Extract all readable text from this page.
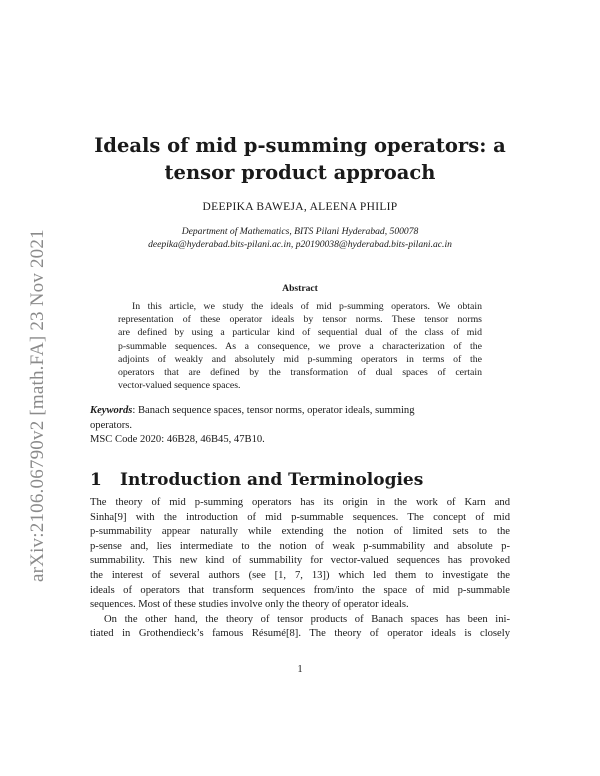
arXiv:2106.06790v2 [math.FA] 23 Nov 2021
Ideals of mid p-summing operators: a
tensor product approach
DEEPIKA BAWEJA, ALEENA PHILIP
Department of Mathematics, BITS Pilani Hyderabad, 500078
deepika@hyderabad.bits-pilani.ac.in, p20190038@hyderabad.bits-pilani.ac.in
Abstract
In this article, we study the ideals of mid p-summing operators. We obtain
representation of these operator ideals by tensor norms. These tensor norms
are defined by using a particular kind of sequential dual of the class of mid
p-summable sequences. As a consequence, we prove a characterization of the
adjoints of weakly and absolutely mid p-summing operators in terms of the
operators that are defined by the transformation of dual spaces of certain
vector-valued sequence spaces.
Keywords: Banach sequence spaces, tensor norms, operator ideals, summing
operators.
MSC Code 2020: 46B28, 46B45, 47B10.
1 Introduction and Terminologies
The theory of mid p-summing operators has its origin in the work of Karn and
Sinha[9] with the introduction of mid p-summable sequences. The concept of mid
p-summability appear naturally while extending the notion of limited sets to the
p-sense and, lies intermediate to the notion of weak p-summability and absolute p-
summability. This new kind of summability for vector-valued sequences has provoked
the interest of several authors (see [1, 7, 13]) which led them to investigate the
ideals of operators that transform sequences from/into the space of mid p-summable
sequences. Most of these studies involve only the theory of operator ideals.
On the other hand, the theory of tensor products of Banach spaces has been ini-
tiated in Grothendieck’s famous Résumé[8]. The theory of operator ideals is closely
1
